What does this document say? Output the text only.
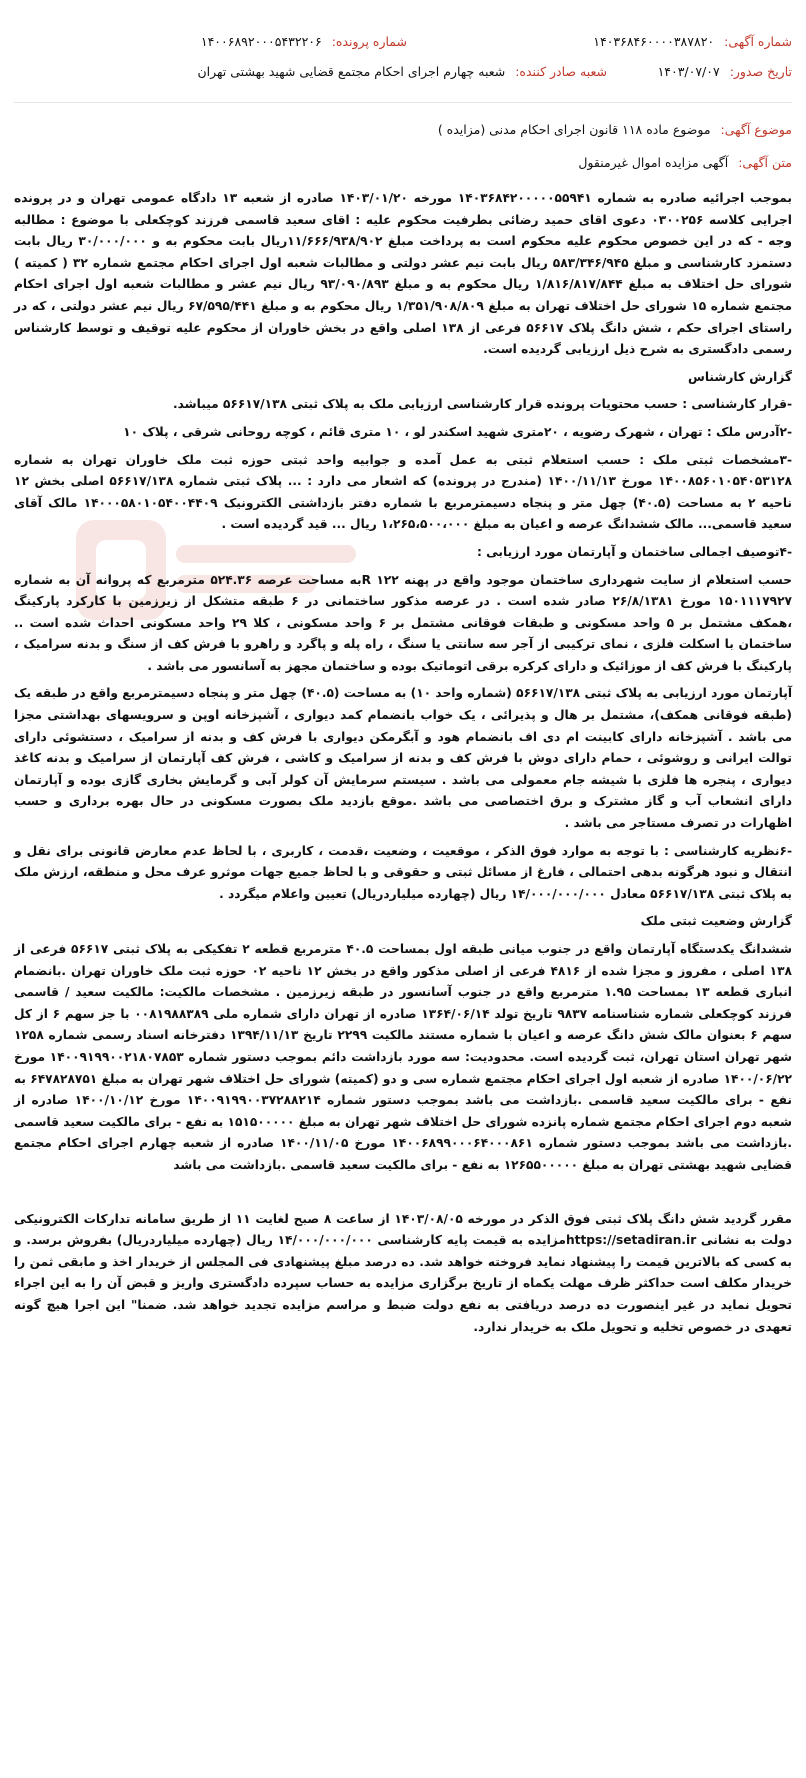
شماره آگهی: ۱۴۰۳۶۸۴۶۰۰۰۰۳۸۷۸۲۰
شماره پرونده: ۱۴۰۰۶۸۹۲۰۰۰۵۴۳۲۲۰۶
تاریخ صدور: ۱۴۰۳/۰۷/۰۷
شعبه صادر کننده: شعبه چهارم اجرای احکام مجتمع قضایی شهید بهشتی تهران
موضوع آگهی: موضوع ماده ۱۱۸ قانون اجرای احکام مدنی (مزایده )
متن آگهی: آگهی مزایده اموال غیرمنقول

بموجب اجرائیه صادره به شماره ۱۴۰۳۶۸۴۲۰۰۰۰۰۵۵۹۴۱ مورخه ۱۴۰۳/۰۱/۲۰ صادره از شعبه ۱۳ دادگاه عمومی تهران و در پرونده اجرایی کلاسه ۰۳۰۰۲۵۶ دعوی اقای حمید رضائی بطرفیت محکوم علیه : اقای سعید قاسمی فرزند کوچکعلی با موضوع : مطالبه وجه - که در این خصوص محکوم علیه محکوم است به پرداخت مبلغ ۱۱/۶۶۶/۹۳۸/۹۰۲ریال بابت محکوم به و ۳۰/۰۰۰/۰۰۰ ریال بابت دستمزد کارشناسی و مبلغ ۵۸۳/۳۴۶/۹۴۵ ریال بابت نیم عشر دولتی و مطالبات شعبه اول اجرای احکام مجتمع شماره ۳۲ ( کمیته ) شورای حل اختلاف به مبلغ ۱/۸۱۶/۸۱۷/۸۴۴ ریال محکوم به و مبلغ ۹۳/۰۹۰/۸۹۳ ریال نیم عشر و مطالبات شعبه اول اجرای احکام مجتمع شماره ۱۵ شورای حل اختلاف تهران به مبلغ ۱/۳۵۱/۹۰۸/۸۰۹ ریال محکوم به و مبلغ ۶۷/۵۹۵/۴۴۱ ریال نیم عشر دولتی ، که در راستای اجرای حکم ، شش دانگ پلاک ۵۶۶۱۷ فرعی از ۱۳۸ اصلی واقع در بخش خاوران از محکوم علیه توقیف و توسط کارشناس رسمی دادگستری به شرح ذیل ارزیابی گردیده است.

گزارش کارشناس

-قرار کارشناسی : حسب محتویات پرونده قرار کارشناسی ارزیابی ملک به پلاک ثبتی ۵۶۶۱۷/۱۳۸ میباشد.

-۲آدرس ملک : تهران ، شهرک رضویه ، ۲۰متری شهید اسکندر لو ، ۱۰ متری قائم ، کوچه روحانی شرقی ، پلاک ۱۰

-۳مشخصات ثبتی ملک : حسب استعلام ثبتی به عمل آمده و جوابیه واحد ثبتی حوزه ثبت ملک خاوران تهران به شماره ۱۴۰۰۸۵۶۰۱۰۵۴۰۵۳۱۲۸ مورخ ۱۴۰۰/۱۱/۱۳ (مندرج در پرونده) که اشعار می دارد : ... پلاک ثبتی شماره ۵۶۶۱۷/۱۳۸ اصلی بخش ۱۲ ناحیه ۲ به مساحت (۴۰.۵) چهل متر و پنجاه دسیمترمربع با شماره دفتر بازداشتی الکترونیک ۱۴۰۰۰۵۸۰۱۰۵۴۰۰۴۴۰۹ مالک آقای سعید قاسمی... مالک ششدانگ عرصه و اعیان به مبلغ ۱،۲۶۵،۵۰۰،۰۰۰ ریال ... قید گردیده است .

-۴توصیف اجمالی ساختمان و آپارتمان مورد ارزیابی :

حسب استعلام از سایت شهرداری ساختمان موجود واقع در پهنه ۱۲۲ Rبه مساحت عرصه ۵۲۴.۳۶ مترمربع که پروانه آن به شماره ۱۵۰۱۱۱۷۹۲۷ مورخ ۲۶/۸/۱۳۸۱ صادر شده است . در عرصه مذکور ساختمانی در ۶ طبقه متشکل از زیرزمین با کارکرد پارکینگ ،همکف مشتمل بر ۵ واحد مسکونی و طبقات فوقانی مشتمل بر ۶ واحد مسکونی ، کلا ۲۹ واحد مسکونی احداث شده است .. ساختمان با اسکلت فلزی ، نمای ترکیبی از آجر سه سانتی یا سنگ ، راه پله و پاگرد و راهرو با فرش کف از سنگ و بدنه سرامیک ، پارکینگ با فرش کف از موزائیک و دارای کرکره برقی اتوماتیک بوده و ساختمان مجهز به آسانسور می باشد .

آپارتمان مورد ارزیابی به پلاک ثبتی ۵۶۶۱۷/۱۳۸ (شماره واحد ۱۰) به مساحت (۴۰.۵) چهل متر و پنجاه دسیمترمربع واقع در طبقه یک (طبقه فوقانی همکف)، مشتمل بر هال و پذیرائی ، یک خواب بانضمام کمد دیواری ، آشپزخانه اوپن و سرویسهای بهداشتی مجزا می باشد . آشپزخانه دارای کابینت ام دی اف بانضمام هود و آبگرمکن دیواری با فرش کف و بدنه از سرامیک ، دستشوئی دارای توالت ایرانی و روشوئی ، حمام دارای دوش با فرش کف و بدنه از سرامیک و کاشی ، فرش کف آپارتمان از سرامیک و بدنه کاغذ دیواری ، پنجره ها فلزی با شیشه جام معمولی می باشد . سیستم سرمایش آن کولر آبی و گرمایش بخاری گازی بوده و آپارتمان دارای انشعاب آب و گاز مشترک و برق اختصاصی می باشد .موقع بازدید ملک بصورت مسکونی در حال بهره برداری و حسب اظهارات در تصرف مستاجر می باشد .

-۶نظریه کارشناسی : با توجه به موارد فوق الذکر ، موقعیت ، وضعیت ،قدمت ، کاربری ، با لحاظ عدم معارض قانونی برای نقل و انتقال و نبود هرگونه بدهی احتمالی ، فارغ از مسائل ثبتی و حقوقی و با لحاظ جمیع جهات موثرو عرف محل و منطقه، ارزش ملک به پلاک ثبتی ۵۶۶۱۷/۱۳۸ معادل ۱۴/۰۰۰/۰۰۰/۰۰۰ ریال (چهارده میلیاردریال) تعیین واعلام میگردد .

گزارش وضعیت ثبتی ملک

ششدانگ یکدستگاه آپارتمان واقع در جنوب میانی طبقه اول بمساحت ۴۰.۵ مترمربع قطعه ۲ تفکیکی به پلاک ثبتی ۵۶۶۱۷ فرعی از ۱۳۸ اصلی ، مفروز و مجزا شده از ۴۸۱۶ فرعی از اصلی مذکور واقع در بخش ۱۲ ناحیه ۰۲ حوزه ثبت ملک خاوران تهران .بانضمام انباری قطعه ۱۳ بمساحت ۱.۹۵ مترمربع واقع در جنوب آسانسور در طبقه زیرزمین . مشخصات مالکیت: مالکیت سعید / قاسمی فرزند کوچکعلی شماره شناسنامه ۹۸۳۷ تاریخ تولد ۱۳۶۴/۰۶/۱۴ صادره از تهران دارای شماره ملی ۰۰۸۱۹۸۸۳۸۹ با جز سهم ۶ از کل سهم ۶ بعنوان مالک شش دانگ عرصه و اعیان با شماره مستند مالکیت ۲۲۹۹ تاریخ ۱۳۹۴/۱۱/۱۳ دفترخانه اسناد رسمی شماره ۱۲۵۸ شهر تهران استان تهران، ثبت گردیده است. محدودیت: سه مورد بازداشت دائم بموجب دستور شماره ۱۴۰۰۹۱۹۹۰۰۲۱۸۰۷۸۵۳ مورخ ۱۴۰۰/۰۶/۲۲ صادره از شعبه اول اجرای احکام مجتمع شماره سی و دو (کمیته) شورای حل اختلاف شهر تهران به مبلغ ۶۴۷۸۲۸۷۵۱ به نفع - برای مالکیت سعید قاسمی .بازداشت می باشد بموجب دستور شماره ۱۴۰۰۹۱۹۹۰۰۳۷۲۸۸۲۱۴ مورخ ۱۴۰۰/۱۰/۱۲ صادره از شعبه دوم اجرای احکام مجتمع شماره پانزده شورای حل اختلاف شهر تهران به مبلغ ۱۵۱۵۰۰۰۰۰ به نفع - برای مالکیت سعید قاسمی .بازداشت می باشد بموجب دستور شماره ۱۴۰۰۶۸۹۹۰۰۰۶۴۰۰۰۸۶۱ مورخ ۱۴۰۰/۱۱/۰۵ صادره از شعبه چهارم اجرای احکام مجتمع قضایی شهید بهشتی تهران به مبلغ ۱۲۶۵۵۰۰۰۰۰ به نفع - برای مالکیت سعید قاسمی .بازداشت می باشد

مقرر گردید شش دانگ پلاک ثبتی فوق الذکر در مورخه ۱۴۰۳/۰۸/۰۵ از ساعت ۸ صبح لغایت ۱۱ از طریق سامانه تدارکات الکترونیکی دولت به نشانی https://setadiran.irمزایده به قیمت پایه کارشناسی ۱۴/۰۰۰/۰۰۰/۰۰۰ ریال (چهارده میلیاردریال) بفروش برسد. و به کسی که بالاترین قیمت را پیشنهاد نماید فروخته خواهد شد. ده درصد مبلغ پیشنهادی فی المجلس از خریدار اخذ و مابقی ثمن را خریدار مکلف است حداکثر ظرف مهلت یکماه از تاریخ برگزاری مزایده به حساب سپرده دادگستری واریز و قبض آن را به این اجراء تحویل نماید در غیر اینصورت ده درصد دریافتی به نفع دولت ضبط و مراسم مزایده تجدید خواهد شد. ضمنا" این اجرا هیچ گونه تعهدی در خصوص تخلیه و تحویل ملک به خریدار ندارد.
